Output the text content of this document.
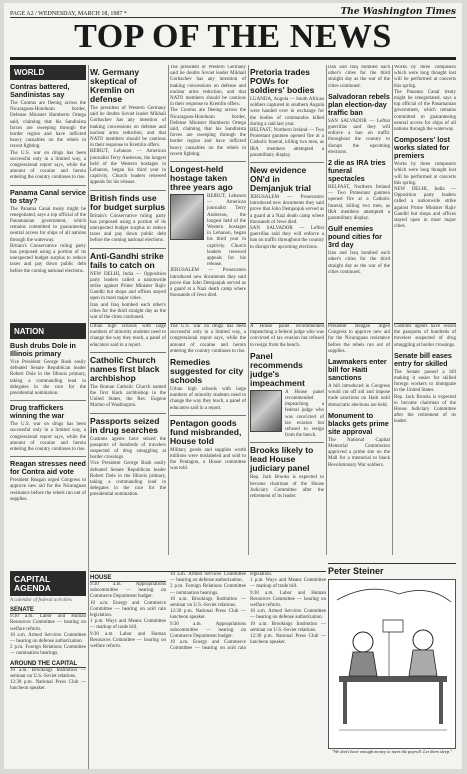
PAGE A2 / WEDNESDAY, MARCH 18, 1987 *	The Washington Times
TOP OF THE NEWS
WORLD
Contras battered, Sandinistas say
The Contras are fleeing across the Nicaraguan-Honduran border, Defense Minister Humberto Ortega said, claiming that his Sandinista forces are sweeping through the border region and have inflicted heavy casualties on the rebels in recent fighting.
The U.S. war on drugs has been successful only in a limited way, a congressional report says, while the amount of cocaine and heroin entering the country continues to rise.
Panama Canal service to stay?
The Panama Canal treaty might be renegotiated, says a top official of the Panamanian government, which remains committed to guaranteeing neutral access for ships of all nations through the waterway.
Britain's Conservative ruling party has proposed using a portion of its unexpected budget surplus to reduce taxes and pay down public debt before the coming national elections.
W. Germany skeptical of Kremlin on defense
The president of Western Germany said he doubts Soviet leader Mikhail Gorbachev has any intention of making concessions on defense and nuclear arms reduction, and that NATO members should be cautious in their response to Kremlin offers.
BEIRUT, Lebanon — American journalist Terry Anderson, the longest held of the Western hostages in Lebanon, began his third year in captivity. Church leaders renewed appeals for his release.
British finds use for budget surplus
Britain's Conservative ruling party has proposed using a portion of its unexpected budget surplus to reduce taxes and pay down public debt before the coming national elections.
Anti-Gandhi strike fails to catch on
NEW DELHI, India — Opposition party leaders called a nationwide strike against Prime Minister Rajiv Gandhi but shops and offices stayed open in most major cities.
Iran and Iraq bombed each other's cities for the third straight day as the war of the cities continued.
The president of Western Germany said he doubts Soviet leader Mikhail Gorbachev has any intention of making concessions on defense and nuclear arms reduction, and that NATO members should be cautious in their response to Kremlin offers.
The Contras are fleeing across the Nicaraguan-Honduran border, Defense Minister Humberto Ortega said, claiming that his Sandinista forces are sweeping through the border region and have inflicted heavy casualties on the rebels in recent fighting.
Longest-held hostage taken three years ago
BEIRUT, Lebanon — American journalist Terry Anderson, the longest held of the Western hostages in Lebanon, began his third year in captivity. Church leaders renewed appeals for his release.
JERUSALEM — Prosecutors introduced new documents they said prove that John Demjanjuk served as a guard at a Nazi death camp where thousands of Jews died.
Pretoria trades POWs for soldiers' bodies
LUANDA, Angola — South African soldiers captured in southern Angola were handed over in exchange for the bodies of commandos killed during a raid last year.
BELFAST, Northern Ireland — Two Protestant gunmen opened fire at a Catholic funeral, killing two men, as IRA members attempted a paramilitary display.
New evidence ON'd in Demjanjuk trial
JERUSALEM — Prosecutors introduced new documents they said prove that John Demjanjuk served as a guard at a Nazi death camp where thousands of Jews died.
SAN SALVADOR — Leftist guerrillas said they will enforce a ban on traffic throughout the country to disrupt the upcoming elections.
Iran and Iraq bombed each other's cities for the third straight day as the war of the cities continued.
Salvadoran rebels plan election-day traffic ban
SAN SALVADOR — Leftist guerrillas said they will enforce a ban on traffic throughout the country to disrupt the upcoming elections.
2 die as IRA tries funeral spectacles
BELFAST, Northern Ireland — Two Protestant gunmen opened fire at a Catholic funeral, killing two men, as IRA members attempted a paramilitary display.
Gulf enemies pound cities for 3rd day
Iran and Iraq bombed each other's cities for the third straight day as the war of the cities continued.
Works by three composers which were long thought lost will be performed at concerts this spring.
The Panama Canal treaty might be renegotiated, says a top official of the Panamanian government, which remains committed to guaranteeing neutral access for ships of all nations through the waterway.
Composers' lost works slated for premiers
Works by three composers which were long thought lost will be performed at concerts this spring.
NEW DELHI, India — Opposition party leaders called a nationwide strike against Prime Minister Rajiv Gandhi but shops and offices stayed open in most major cities.
NATION
Bush drubs Dole in Illinois primary
Vice President George Bush easily defeated Senate Republican leader Robert Dole in the Illinois primary, taking a commanding lead in delegates in the race for the presidential nomination.
Drug traffickers winning the war
The U.S. war on drugs has been successful only in a limited way, a congressional report says, while the amount of cocaine and heroin entering the country continues to rise.
Reagan stresses need for Contra aid vote
President Reagan urged Congress to approve new aid for the Nicaraguan resistance before the rebels run out of supplies.
Urban high schools with large numbers of minority students need to change the way they teach, a panel of educators said in a report.
Catholic Church names first black archbishop
The Roman Catholic Church named the first black archbishop in the United States, the Rev. Eugene Marino of Washington.
Passports seized in drug searches
Customs agents have seized the passports of hundreds of travelers suspected of drug smuggling at border crossings.
Vice President George Bush easily defeated Senate Republican leader Robert Dole in the Illinois primary, taking a commanding lead in delegates in the race for the presidential nomination.
The U.S. war on drugs has been successful only in a limited way, a congressional report says, while the amount of cocaine and heroin entering the country continues to rise.
Remedies suggested for city schools
Urban high schools with large numbers of minority students need to change the way they teach, a panel of educators said in a report.
Pentagon goods fund misbranded, House told
Military goods and supplies worth millions were mislabeled and sold to the Pentagon, a House committee was told.
A House panel recommended impeaching a federal judge who was convicted of tax evasion but refused to resign from the bench.
Panel recommends judge's impeachment
A House panel recommended impeaching a federal judge who was convicted of tax evasion but refused to resign from the bench.
Brooks likely to lead House judiciary panel
Rep. Jack Brooks is expected to become chairman of the House Judiciary Committee after the retirement of its leader.
President Reagan urged Congress to approve new aid for the Nicaraguan resistance before the rebels run out of supplies.
Lawmakers enter bill for Haiti sanctions
A bill introduced in Congress would cut off aid and impose trade sanctions on Haiti until democratic elections are held.
Monument to blacks gets prime site approval
The National Capital Memorial Commission approved a prime site on the Mall for a memorial to black Revolutionary War soldiers.
Customs agents have seized the passports of hundreds of travelers suspected of drug smuggling at border crossings.
Senate bill eases entry for skilled
The Senate passed a bill making it easier for skilled foreign workers to immigrate to the United States.
Rep. Jack Brooks is expected to become chairman of the House Judiciary Committee after the retirement of its leader.
CAPITAL AGENDA
A calendar of federal activities
SENATE
9:30 a.m. Labor and Human Resources Committee — hearing on welfare reform.
10 a.m. Armed Services Committee — hearing on defense authorization.
2 p.m. Foreign Relations Committee — nomination hearings.
AROUND THE CAPITAL
10 a.m. Brookings Institution — seminar on U.S.-Soviet relations.
12:30 p.m. National Press Club — luncheon speaker.
HOUSE
9:30 a.m. Appropriations subcommittee — hearing on Commerce Department budget.
10 a.m. Energy and Commerce Committee — hearing on acid rain legislation.
1 p.m. Ways and Means Committee — markup of trade bill.
9:30 a.m. Labor and Human Resources Committee — hearing on welfare reform.
10 a.m. Armed Services Committee — hearing on defense authorization.
2 p.m. Foreign Relations Committee — nomination hearings.
10 a.m. Brookings Institution — seminar on U.S.-Soviet relations.
12:30 p.m. National Press Club — luncheon speaker.
9:30 a.m. Appropriations subcommittee — hearing on Commerce Department budget.
10 a.m. Energy and Commerce Committee — hearing on acid rain legislation.
1 p.m. Ways and Means Committee — markup of trade bill.
9:30 a.m. Labor and Human Resources Committee — hearing on welfare reform.
10 a.m. Armed Services Committee — hearing on defense authorization.
10 a.m. Brookings Institution — seminar on U.S.-Soviet relations.
12:30 p.m. National Press Club — luncheon speaker.
Peter Steiner
"We don't have enough money to meet the payroll. Let them sleep."
